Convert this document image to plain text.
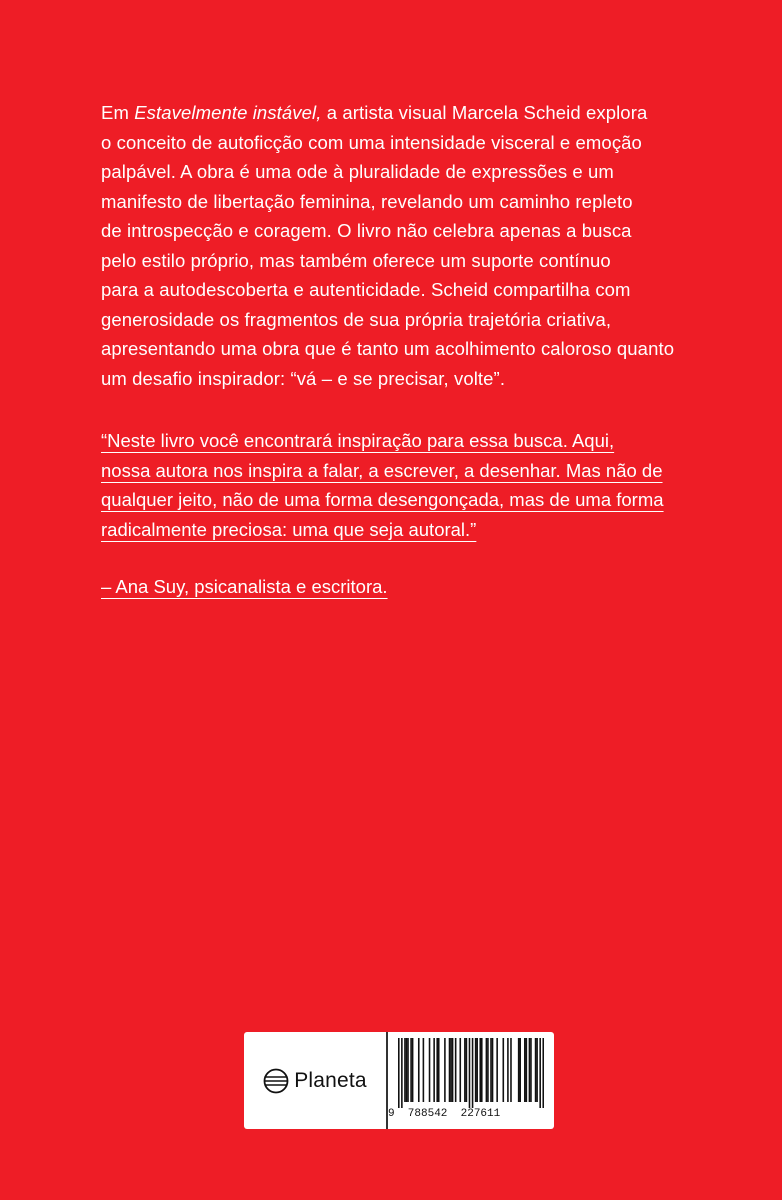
Em Estavelmente instável, a artista visual Marcela Scheid explora
o conceito de autoficção com uma intensidade visceral e emoção
palpável. A obra é uma ode à pluralidade de expressões e um
manifesto de libertação feminina, revelando um caminho repleto
de introspecção e coragem. O livro não celebra apenas a busca
pelo estilo próprio, mas também oferece um suporte contínuo
para a autodescoberta e autenticidade. Scheid compartilha com
generosidade os fragmentos de sua própria trajetória criativa,
apresentando uma obra que é tanto um acolhimento caloroso quanto
um desafio inspirador: “vá – e se precisar, volte”.
“Neste livro você encontrará inspiração para essa busca. Aqui,
nossa autora nos inspira a falar, a escrever, a desenhar. Mas não de
qualquer jeito, não de uma forma desengonçada, mas de uma forma
radicalmente preciosa: uma que seja autoral.”
– Ana Suy, psicanalista e escritora.
Planeta
9  788542  227611
